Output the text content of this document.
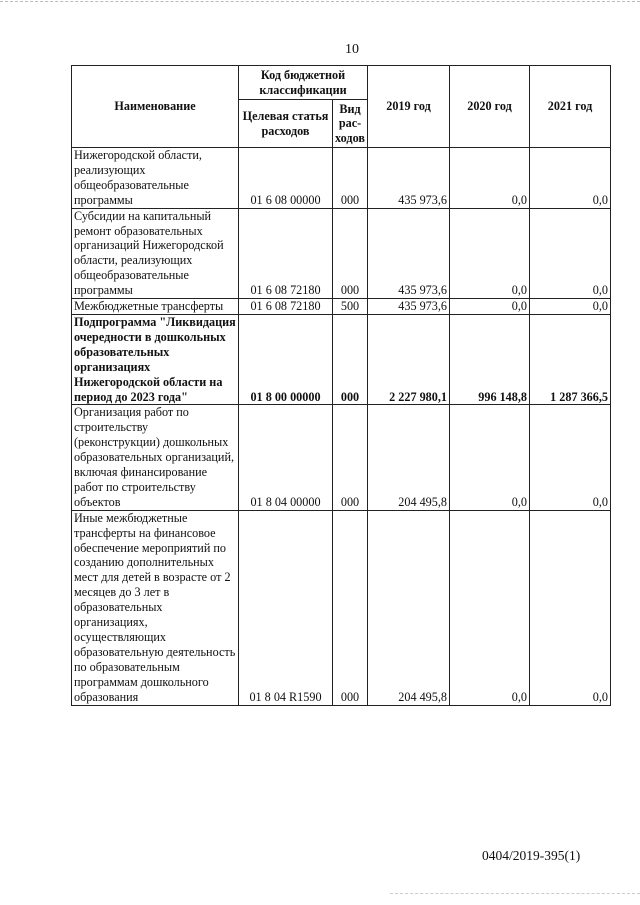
10
Наименование	Код бюджетной классификации		2019 год	2020 год	2021 год
	Целевая статья расходов	Вид рас-ходов			
Нижегородской области, реализующих общеобразовательные программы	01 6 08 00000	000	435 973,6	0,0	0,0
Субсидии на капитальный ремонт образовательных организаций Нижегородской области, реализующих общеобразовательные программы	01 6 08 72180	000	435 973,6	0,0	0,0
Межбюджетные трансферты	01 6 08 72180	500	435 973,6	0,0	0,0
Подпрограмма "Ликвидация очередности в дошкольных образовательных организациях Нижегородской области на период до 2023 года"	01 8 00 00000	000	2 227 980,1	996 148,8	1 287 366,5
Организация работ по строительству (реконструкции) дошкольных образовательных организаций, включая финансирование работ по строительству объектов	01 8 04 00000	000	204 495,8	0,0	0,0
Иные межбюджетные трансферты на финансовое обеспечение мероприятий по созданию дополнительных мест для детей в возрасте от 2 месяцев до 3 лет в образовательных организациях, осуществляющих образовательную деятельность по образовательным программам дошкольного образования	01 8 04 R1590	000	204 495,8	0,0	0,0
0404/2019-395(1)
